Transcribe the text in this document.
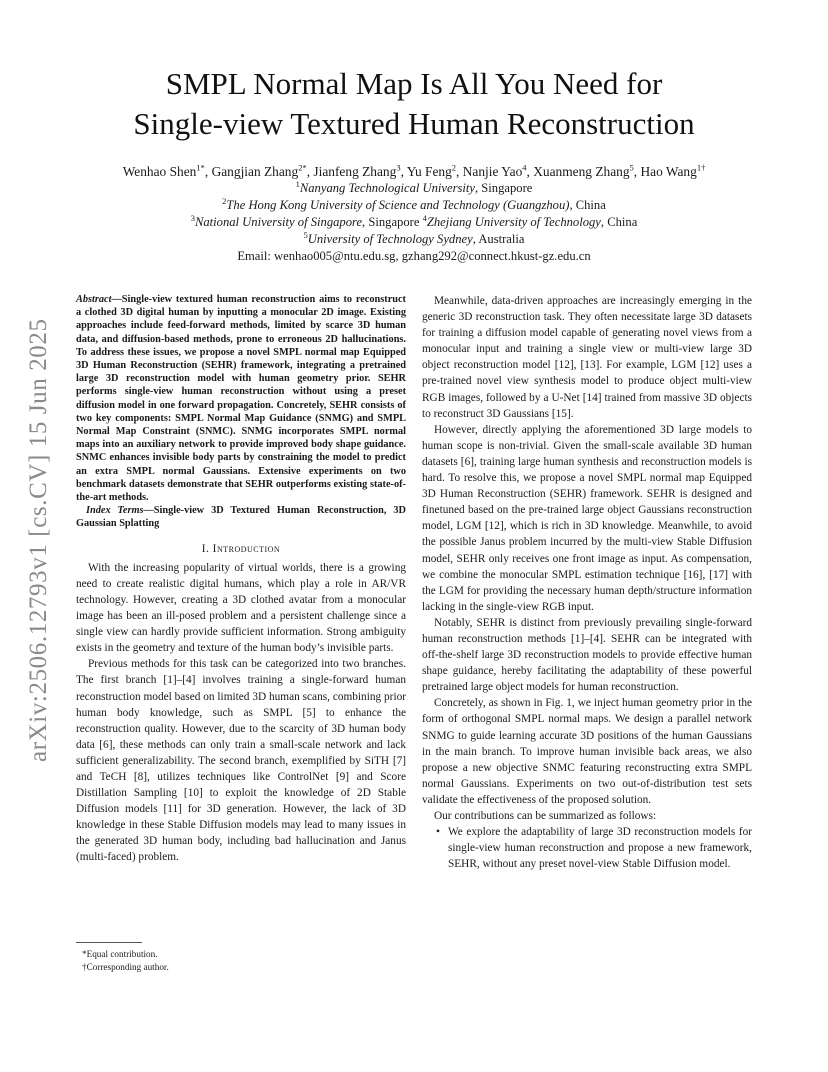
arXiv:2506.12793v1 [cs.CV] 15 Jun 2025
SMPL Normal Map Is All You Need for
Single-view Textured Human Reconstruction
Wenhao Shen$^{1*}$, Gangjian Zhang$^{2*}$, Jianfeng Zhang$^3$, Yu Feng$^2$, Nanjie Yao$^4$, Xuanmeng Zhang$^5$, Hao Wang$^{1\dagger}$
$^1$Nanyang Technological University, Singapore
$^2$The Hong Kong University of Science and Technology (Guangzhou), China
$^3$National University of Singapore, Singapore $^4$Zhejiang University of Technology, China
$^5$University of Technology Sydney, Australia
Email: wenhao005@ntu.edu.sg, gzhang292@connect.hkust-gz.edu.cn

Abstract—Single-view textured human reconstruction aims to reconstruct a clothed 3D digital human by inputting a monocular 2D image. Existing approaches include feed-forward methods, limited by scarce 3D human data, and diffusion-based methods, prone to erroneous 2D hallucinations. To address these issues, we propose a novel SMPL normal map Equipped 3D Human Reconstruction (SEHR) framework, integrating a pretrained large 3D reconstruction model with human geometry prior. SEHR performs single-view human reconstruction without using a preset diffusion model in one forward propagation. Concretely, SEHR consists of two key components: SMPL Normal Map Guidance (SNMG) and SMPL Normal Map Constraint (SNMC). SNMG incorporates SMPL normal maps into an auxiliary network to provide improved body shape guidance. SNMC enhances invisible body parts by constraining the model to predict an extra SMPL normal Gaussians. Extensive experiments on two benchmark datasets demonstrate that SEHR outperforms existing state-of-the-art methods.

Index Terms—Single-view 3D Textured Human Reconstruction, 3D Gaussian Splatting

I. Introduction

With the increasing popularity of virtual worlds, there is a growing need to create realistic digital humans, which play a role in AR/VR technology. However, creating a 3D clothed avatar from a monocular image has been an ill-posed problem and a persistent challenge since a single view can hardly provide sufficient information. Strong ambiguity exists in the geometry and texture of the human body’s invisible parts.

Previous methods for this task can be categorized into two branches. The first branch [1]–[4] involves training a single-forward human reconstruction model based on limited 3D human scans, combining prior human body knowledge, such as SMPL [5] to enhance the reconstruction quality. However, due to the scarcity of 3D human body data [6], these methods can only train a small-scale network and lack sufficient generalizability. The second branch, exemplified by SiTH [7] and TeCH [8], utilizes techniques like ControlNet [9] and Score Distillation Sampling [10] to exploit the knowledge of 2D Stable Diffusion models [11] for 3D generation. However, the lack of 3D knowledge in these Stable Diffusion models may lead to many issues in the generated 3D human body, including bad hallucination and Janus (multi-faced) problem.

*Equal contribution.
†Corresponding author.

Meanwhile, data-driven approaches are increasingly emerging in the generic 3D reconstruction task. They often necessitate large 3D datasets for training a diffusion model capable of generating novel views from a monocular input and training a single view or multi-view large 3D object reconstruction model [12], [13]. For example, LGM [12] uses a pre-trained novel view synthesis model to produce object multi-view RGB images, followed by a U-Net [14] trained from massive 3D objects to reconstruct 3D Gaussians [15].

However, directly applying the aforementioned 3D large models to human scope is non-trivial. Given the small-scale available 3D human datasets [6], training large human synthesis and reconstruction models is hard. To resolve this, we propose a novel SMPL normal map Equipped 3D Human Reconstruction (SEHR) framework. SEHR is designed and finetuned based on the pre-trained large object Gaussians reconstruction model, LGM [12], which is rich in 3D knowledge. Meanwhile, to avoid the possible Janus problem incurred by the multi-view Stable Diffusion model, SEHR only receives one front image as input. As compensation, we combine the monocular SMPL estimation technique [16], [17] with the LGM for providing the necessary human depth/structure information lacking in the single-view RGB input.

Notably, SEHR is distinct from previously prevailing single-forward human reconstruction methods [1]–[4]. SEHR can be integrated with off-the-shelf large 3D reconstruction models to provide effective human shape guidance, hereby facilitating the adaptability of these powerful pretrained large object models for human reconstruction.

Concretely, as shown in Fig. 1, we inject human geometry prior in the form of orthogonal SMPL normal maps. We design a parallel network SNMG to guide learning accurate 3D positions of the human Gaussians in the main branch. To improve human invisible back areas, we also propose a new objective SNMC featuring reconstructing extra SMPL normal Gaussians. Experiments on two out-of-distribution test sets validate the effectiveness of the proposed solution.

Our contributions can be summarized as follows:

• We explore the adaptability of large 3D reconstruction models for single-view human reconstruction and propose a new framework, SEHR, without any preset novel-view Stable Diffusion model.
